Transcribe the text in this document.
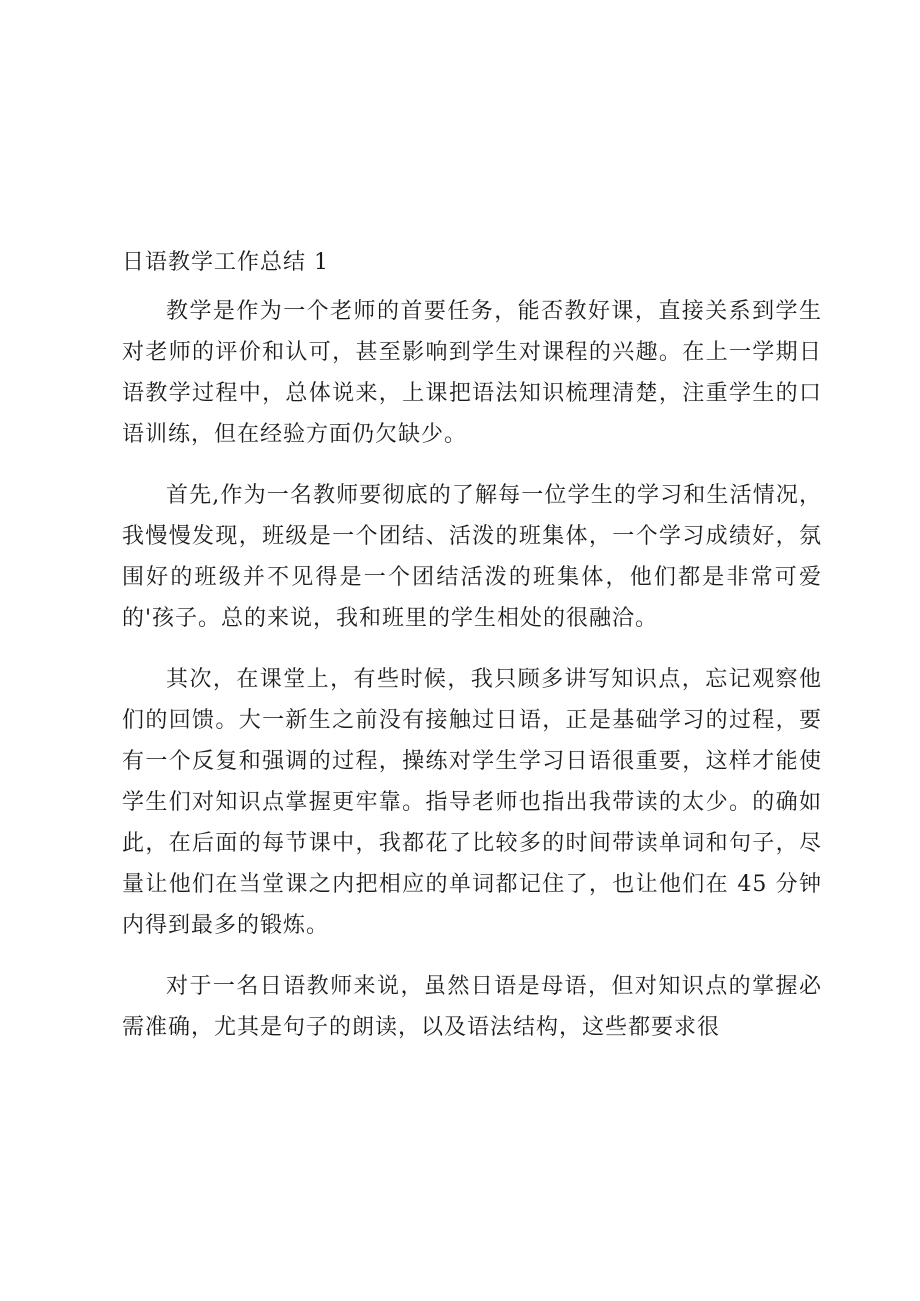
日语教学工作总结 1

教学是作为一个老师的首要任务，能否教好课，直接关系到学生对老师的评价和认可，甚至影响到学生对课程的兴趣。在上一学期日语教学过程中，总体说来，上课把语法知识梳理清楚，注重学生的口语训练，但在经验方面仍欠缺少。

首先,作为一名教师要彻底的了解每一位学生的学习和生活情况，我慢慢发现，班级是一个团结、活泼的班集体，一个学习成绩好，氛围好的班级并不见得是一个团结活泼的班集体，他们都是非常可爱的'孩子。总的来说，我和班里的学生相处的很融洽。

其次，在课堂上，有些时候，我只顾多讲写知识点，忘记观察他们的回馈。大一新生之前没有接触过日语，正是基础学习的过程，要有一个反复和强调的过程，操练对学生学习日语很重要，这样才能使学生们对知识点掌握更牢靠。指导老师也指出我带读的太少。的确如此，在后面的每节课中，我都花了比较多的时间带读单词和句子，尽量让他们在当堂课之内把相应的单词都记住了，也让他们在 45 分钟内得到最多的锻炼。

对于一名日语教师来说，虽然日语是母语，但对知识点的掌握必需准确，尤其是句子的朗读，以及语法结构，这些都要求很
